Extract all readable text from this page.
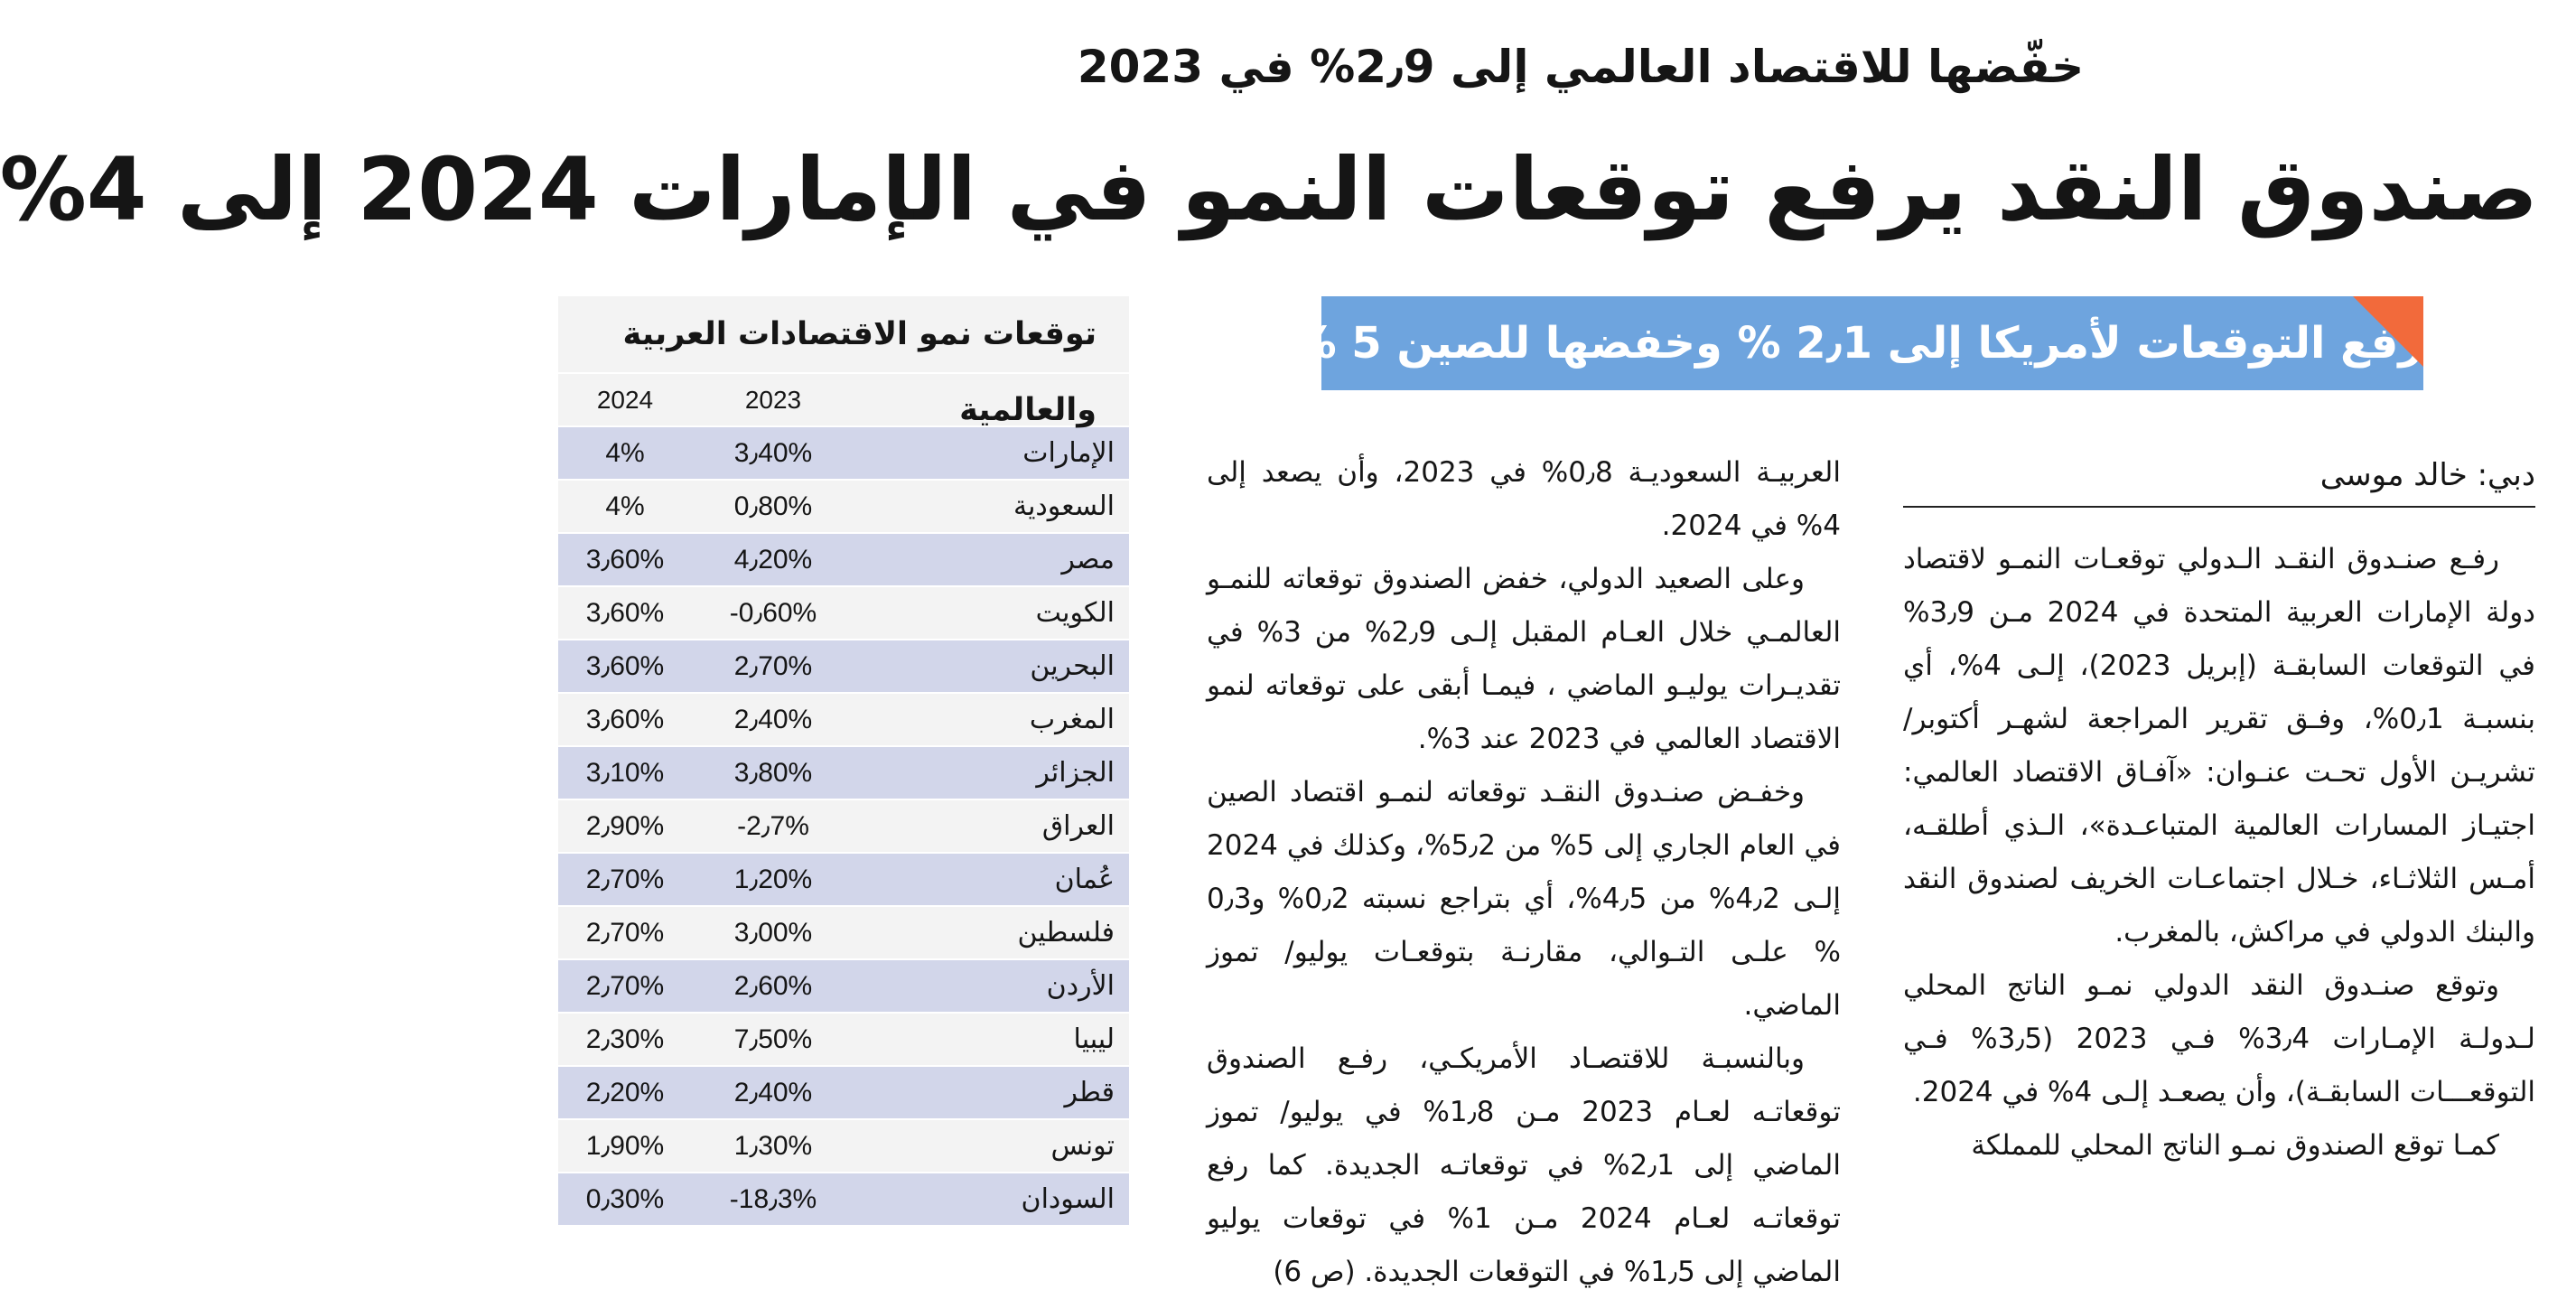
خفّضها للاقتصاد العالمي إلى 2٫9% في 2023
صندوق النقد يرفع توقعات النمو في الإمارات 2024 إلى 4%
رفع التوقعات لأمريكا إلى 2٫1 % وخفضها للصين 5 %
دبي: خالد موسى

رفـع صنـدوق النقـد الـدولي توقعـات النمـو لاقتصاد دولة الإمارات العربية المتحدة في 2024 مـن 3٫9% في التوقعات السابقـة (إبريل 2023)، إلـى 4%، أي بنسبـة 0٫1%، وفـق تقرير المراجعة لشهـر أكتوبر/ تشريـن الأول تحـت عنـوان: «آفـاق الاقتصاد العالمي: اجتيـاز المسارات العالمية المتباعـدة»، الـذي أطلقـه، أمـس الثلاثـاء، خـلال اجتماعـات الخريف لصندوق النقد والبنك الدولي في مراكش، بالمغرب.

وتوقع صنـدوق النقد الدولي نمـو الناتج المحلي لـدولـة الإمـارات 3٫4% فـي 2023 (3٫5% فـي التوقعـــات السابقـة)، وأن يصعـد إلـى 4% في 2024.

كمـا توقع الصندوق نمـو الناتج المحلي للمملكة

العربيـة السعوديـة 0٫8% في 2023، وأن يصعد إلى 4% في 2024.

وعلى الصعيد الدولي، خفض الصندوق توقعاته للنمـو العالمـي خلال العـام المقبل إلـى 2٫9% من 3% في تقديـرات يوليـو الماضي ، فيمـا أبقى على توقعاته لنمو الاقتصاد العالمي في 2023 عند 3%.

وخفـض صنـدوق النقـد توقعاته لنمـو اقتصاد الصين في العام الجاري إلى 5% من 5٫2%، وكذلك في 2024 إلـى 4٫2% من 4٫5%، أي بتراجع نسبته 0٫2% و0٫3 % علـى التـوالي، مقارنـة بتوقعـات يوليو/ تموز الماضي.

وبالنسبـة للاقتصـاد الأمريكـي، رفـع الصندوق توقعاتـه لعـام 2023 مـن 1٫8% في يوليو/ تموز الماضي إلى 2٫1% في توقعاتـه الجديدة. كما رفع توقعاتـه لعـام 2024 مـن 1% في توقعات يوليو الماضي إلى 1٫5% في التوقعات الجديدة. (ص 6)

توقعات نمو الاقتصادات العربية والعالمية
2023
2024
الإمارات
3٫40%
4%
السعودية
0٫80%
4%
مصر
4٫20%
3٫60%
الكويت
-0٫60%
3٫60%
البحرين
2٫70%
3٫60%
المغرب
2٫40%
3٫60%
الجزائر
3٫80%
3٫10%
العراق
-2٫7%
2٫90%
عُمان
1٫20%
2٫70%
فلسطين
3٫00%
2٫70%
الأردن
2٫60%
2٫70%
ليبيا
7٫50%
2٫30%
قطر
2٫40%
2٫20%
تونس
1٫30%
1٫90%
السودان
-18٫3%
0٫30%
